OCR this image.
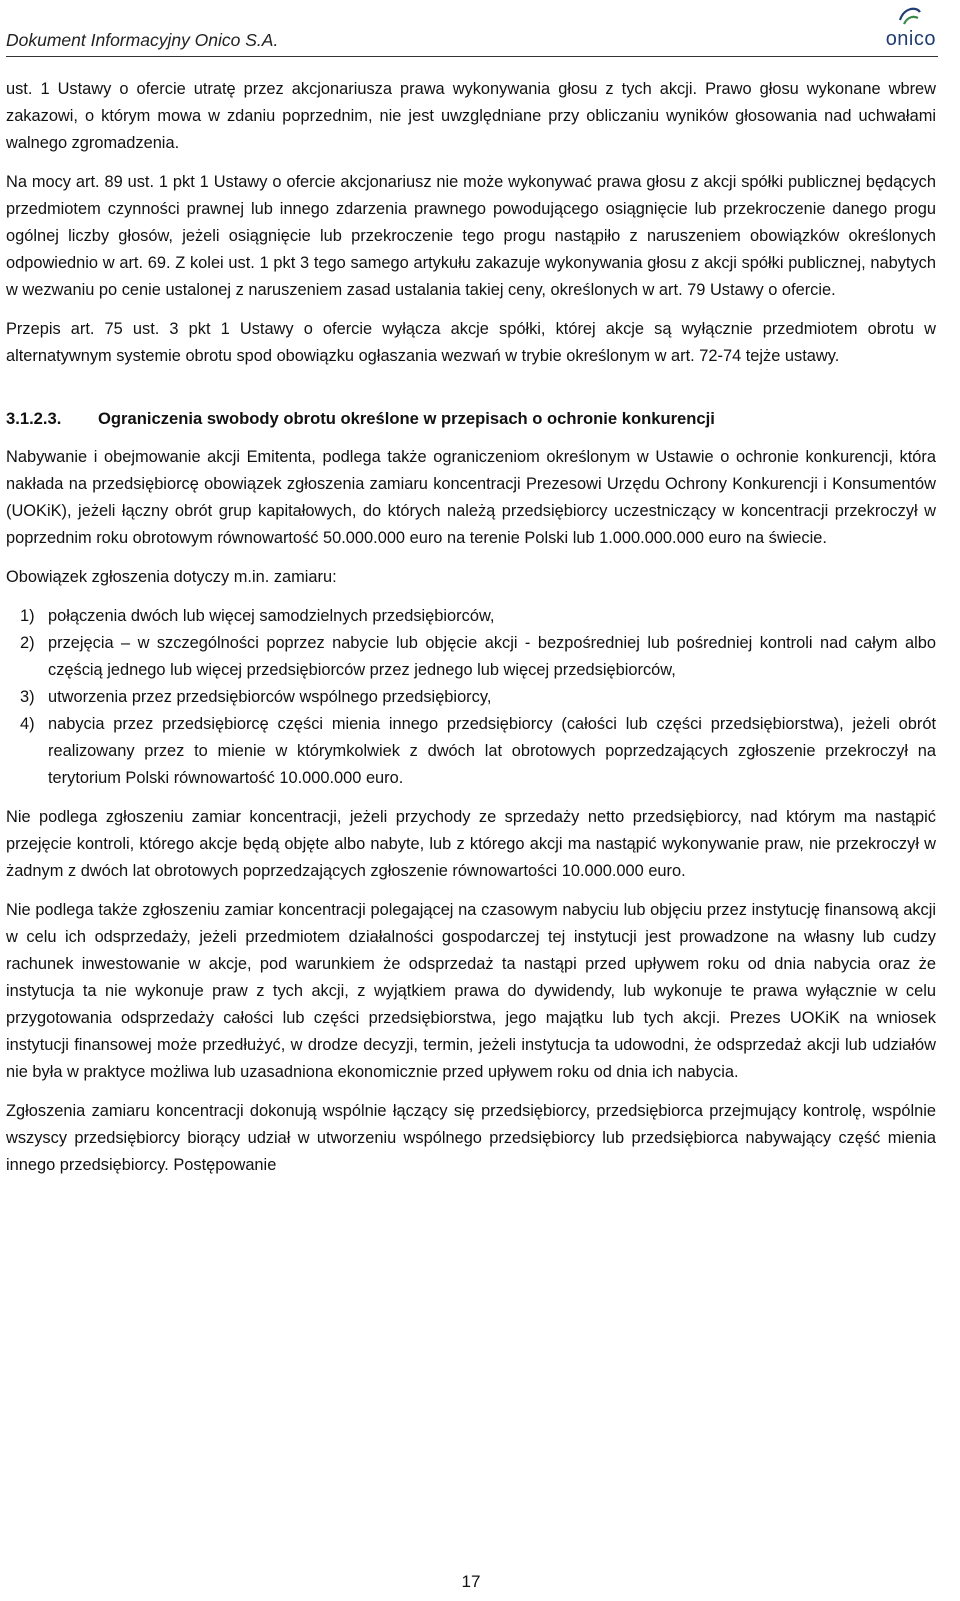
Dokument Informacyjny Onico S.A.	onico

ust. 1 Ustawy o ofercie utratę przez akcjonariusza prawa wykonywania głosu z tych akcji. Prawo głosu wykonane wbrew zakazowi, o którym mowa w zdaniu poprzednim, nie jest uwzględniane przy obliczaniu wyników głosowania nad uchwałami walnego zgromadzenia.

Na mocy art. 89 ust. 1 pkt 1 Ustawy o ofercie akcjonariusz nie może wykonywać prawa głosu z akcji spółki publicznej będących przedmiotem czynności prawnej lub innego zdarzenia prawnego powodującego osiągnięcie lub przekroczenie danego progu ogólnej liczby głosów, jeżeli osiągnięcie lub przekroczenie tego progu nastąpiło z naruszeniem obowiązków określonych odpowiednio w art. 69. Z kolei ust. 1 pkt 3 tego samego artykułu zakazuje wykonywania głosu z akcji spółki publicznej, nabytych w wezwaniu po cenie ustalonej z naruszeniem zasad ustalania takiej ceny, określonych w art. 79 Ustawy o ofercie.

Przepis art. 75 ust. 3 pkt 1 Ustawy o ofercie wyłącza akcje spółki, której akcje są wyłącznie przedmiotem obrotu w alternatywnym systemie obrotu spod obowiązku ogłaszania wezwań w trybie określonym w art. 72-74 tejże ustawy.

3.1.2.3. Ograniczenia swobody obrotu określone w przepisach o ochronie konkurencji

Nabywanie i obejmowanie akcji Emitenta, podlega także ograniczeniom określonym w Ustawie o ochronie konkurencji, która nakłada na przedsiębiorcę obowiązek zgłoszenia zamiaru koncentracji Prezesowi Urzędu Ochrony Konkurencji i Konsumentów (UOKiK), jeżeli łączny obrót grup kapitałowych, do których należą przedsiębiorcy uczestniczący w koncentracji przekroczył w poprzednim roku obrotowym równowartość 50.000.000 euro na terenie Polski lub 1.000.000.000 euro na świecie.

Obowiązek zgłoszenia dotyczy m.in. zamiaru:

1) połączenia dwóch lub więcej samodzielnych przedsiębiorców,
2) przejęcia – w szczególności poprzez nabycie lub objęcie akcji - bezpośredniej lub pośredniej kontroli nad całym albo częścią jednego lub więcej przedsiębiorców przez jednego lub więcej przedsiębiorców,
3) utworzenia przez przedsiębiorców wspólnego przedsiębiorcy,
4) nabycia przez przedsiębiorcę części mienia innego przedsiębiorcy (całości lub części przedsiębiorstwa), jeżeli obrót realizowany przez to mienie w którymkolwiek z dwóch lat obrotowych poprzedzających zgłoszenie przekroczył na terytorium Polski równowartość 10.000.000 euro.

Nie podlega zgłoszeniu zamiar koncentracji, jeżeli przychody ze sprzedaży netto przedsiębiorcy, nad którym ma nastąpić przejęcie kontroli, którego akcje będą objęte albo nabyte, lub z którego akcji ma nastąpić wykonywanie praw, nie przekroczył w żadnym z dwóch lat obrotowych poprzedzających zgłoszenie równowartości 10.000.000 euro.

Nie podlega także zgłoszeniu zamiar koncentracji polegającej na czasowym nabyciu lub objęciu przez instytucję finansową akcji w celu ich odsprzedaży, jeżeli przedmiotem działalności gospodarczej tej instytucji jest prowadzone na własny lub cudzy rachunek inwestowanie w akcje, pod warunkiem że odsprzedaż ta nastąpi przed upływem roku od dnia nabycia oraz że instytucja ta nie wykonuje praw z tych akcji, z wyjątkiem prawa do dywidendy, lub wykonuje te prawa wyłącznie w celu przygotowania odsprzedaży całości lub części przedsiębiorstwa, jego majątku lub tych akcji. Prezes UOKiK na wniosek instytucji finansowej może przedłużyć, w drodze decyzji, termin, jeżeli instytucja ta udowodni, że odsprzedaż akcji lub udziałów nie była w praktyce możliwa lub uzasadniona ekonomicznie przed upływem roku od dnia ich nabycia.

Zgłoszenia zamiaru koncentracji dokonują wspólnie łączący się przedsiębiorcy, przedsiębiorca przejmujący kontrolę, wspólnie wszyscy przedsiębiorcy biorący udział w utworzeniu wspólnego przedsiębiorcy lub przedsiębiorca nabywający część mienia innego przedsiębiorcy. Postępowanie

17
